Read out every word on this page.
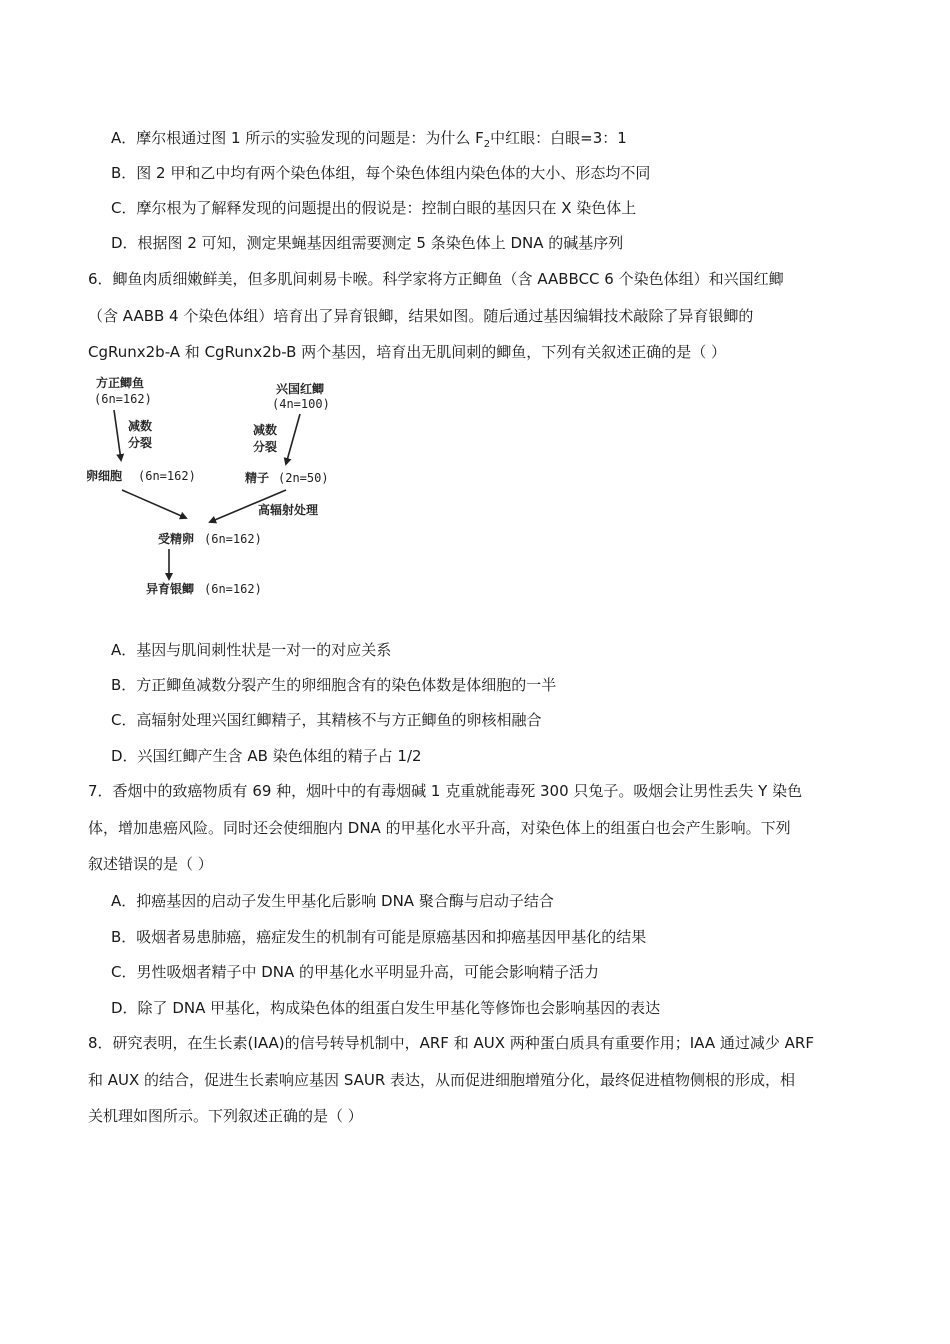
A．摩尔根通过图 1 所示的实验发现的问题是：为什么 $F_2$中红眼：白眼=3：1
B．图 2 甲和乙中均有两个染色体组，每个染色体组内染色体的大小、形态均不同
C．摩尔根为了解释发现的问题提出的假说是：控制白眼的基因只在 X 染色体上
D．根据图 2 可知，测定果蝇基因组需要测定 5 条染色体上 DNA 的碱基序列
6．鲫鱼肉质细嫩鲜美，但多肌间刺易卡喉。科学家将方正鲫鱼（含 AABBCC 6 个染色体组）和兴国红鲫
（含 AABB 4 个染色体组）培育出了异育银鲫，结果如图。随后通过基因编辑技术敲除了异育银鲫的
CgRunx2b-A 和 CgRunx2b-B 两个基因，培育出无肌间刺的鲫鱼，下列有关叙述正确的是（ ）
方正鲫鱼
(6n=162)
兴国红鲫
(4n=100)
减数
分裂
减数
分裂
卵细胞 (6n=162)	精子 (2n=50)
高辐射处理
受精卵 (6n=162)
异育银鲫 (6n=162)
A．基因与肌间刺性状是一对一的对应关系
B．方正鲫鱼减数分裂产生的卵细胞含有的染色体数是体细胞的一半
C．高辐射处理兴国红鲫精子，其精核不与方正鲫鱼的卵核相融合
D．兴国红鲫产生含 AB 染色体组的精子占 1/2
7．香烟中的致癌物质有 69 种，烟叶中的有毒烟碱 1 克重就能毒死 300 只兔子。吸烟会让男性丢失 Y 染色
体，增加患癌风险。同时还会使细胞内 DNA 的甲基化水平升高，对染色体上的组蛋白也会产生影响。下列
叙述错误的是（ ）
A．抑癌基因的启动子发生甲基化后影响 DNA 聚合酶与启动子结合
B．吸烟者易患肺癌，癌症发生的机制有可能是原癌基因和抑癌基因甲基化的结果
C．男性吸烟者精子中 DNA 的甲基化水平明显升高，可能会影响精子活力
D．除了 DNA 甲基化，构成染色体的组蛋白发生甲基化等修饰也会影响基因的表达
8．研究表明，在生长素(IAA)的信号转导机制中，ARF 和 AUX 两种蛋白质具有重要作用；IAA 通过减少 ARF
和 AUX 的结合，促进生长素响应基因 SAUR 表达，从而促进细胞增殖分化，最终促进植物侧根的形成，相
关机理如图所示。下列叙述正确的是（ ）
